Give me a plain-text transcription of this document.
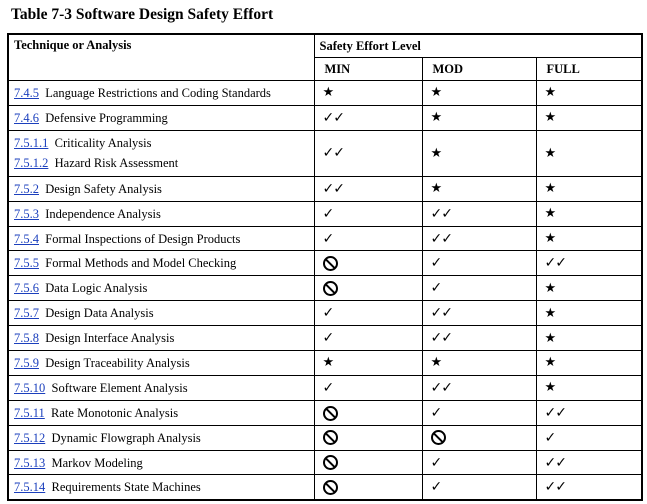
Table 7-3 Software Design Safety Effort
Technique or Analysis	Safety Effort Level		
	MIN	MOD	FULL

7.4.5 Language Restrictions and Coding Standards	★	★	★

7.4.6 Defensive Programming	✓✓	★	★

7.5.1.1 Criticality Analysis
7.5.1.2 Hazard Risk Assessment	✓✓	★	★

7.5.2 Design Safety Analysis	✓✓	★	★

7.5.3 Independence Analysis	✓	✓✓	★

7.5.4 Formal Inspections of Design Products	✓	✓✓	★

7.5.5 Formal Methods and Model Checking		✓	✓✓

7.5.6 Data Logic Analysis		✓	★

7.5.7 Design Data Analysis	✓	✓✓	★

7.5.8 Design Interface Analysis	✓	✓✓	★

7.5.9 Design Traceability Analysis	★	★	★

7.5.10 Software Element Analysis	✓	✓✓	★

7.5.11 Rate Monotonic Analysis		✓	✓✓

7.5.12 Dynamic Flowgraph Analysis			✓

7.5.13 Markov Modeling		✓	✓✓

7.5.14 Requirements State Machines		✓	✓✓
